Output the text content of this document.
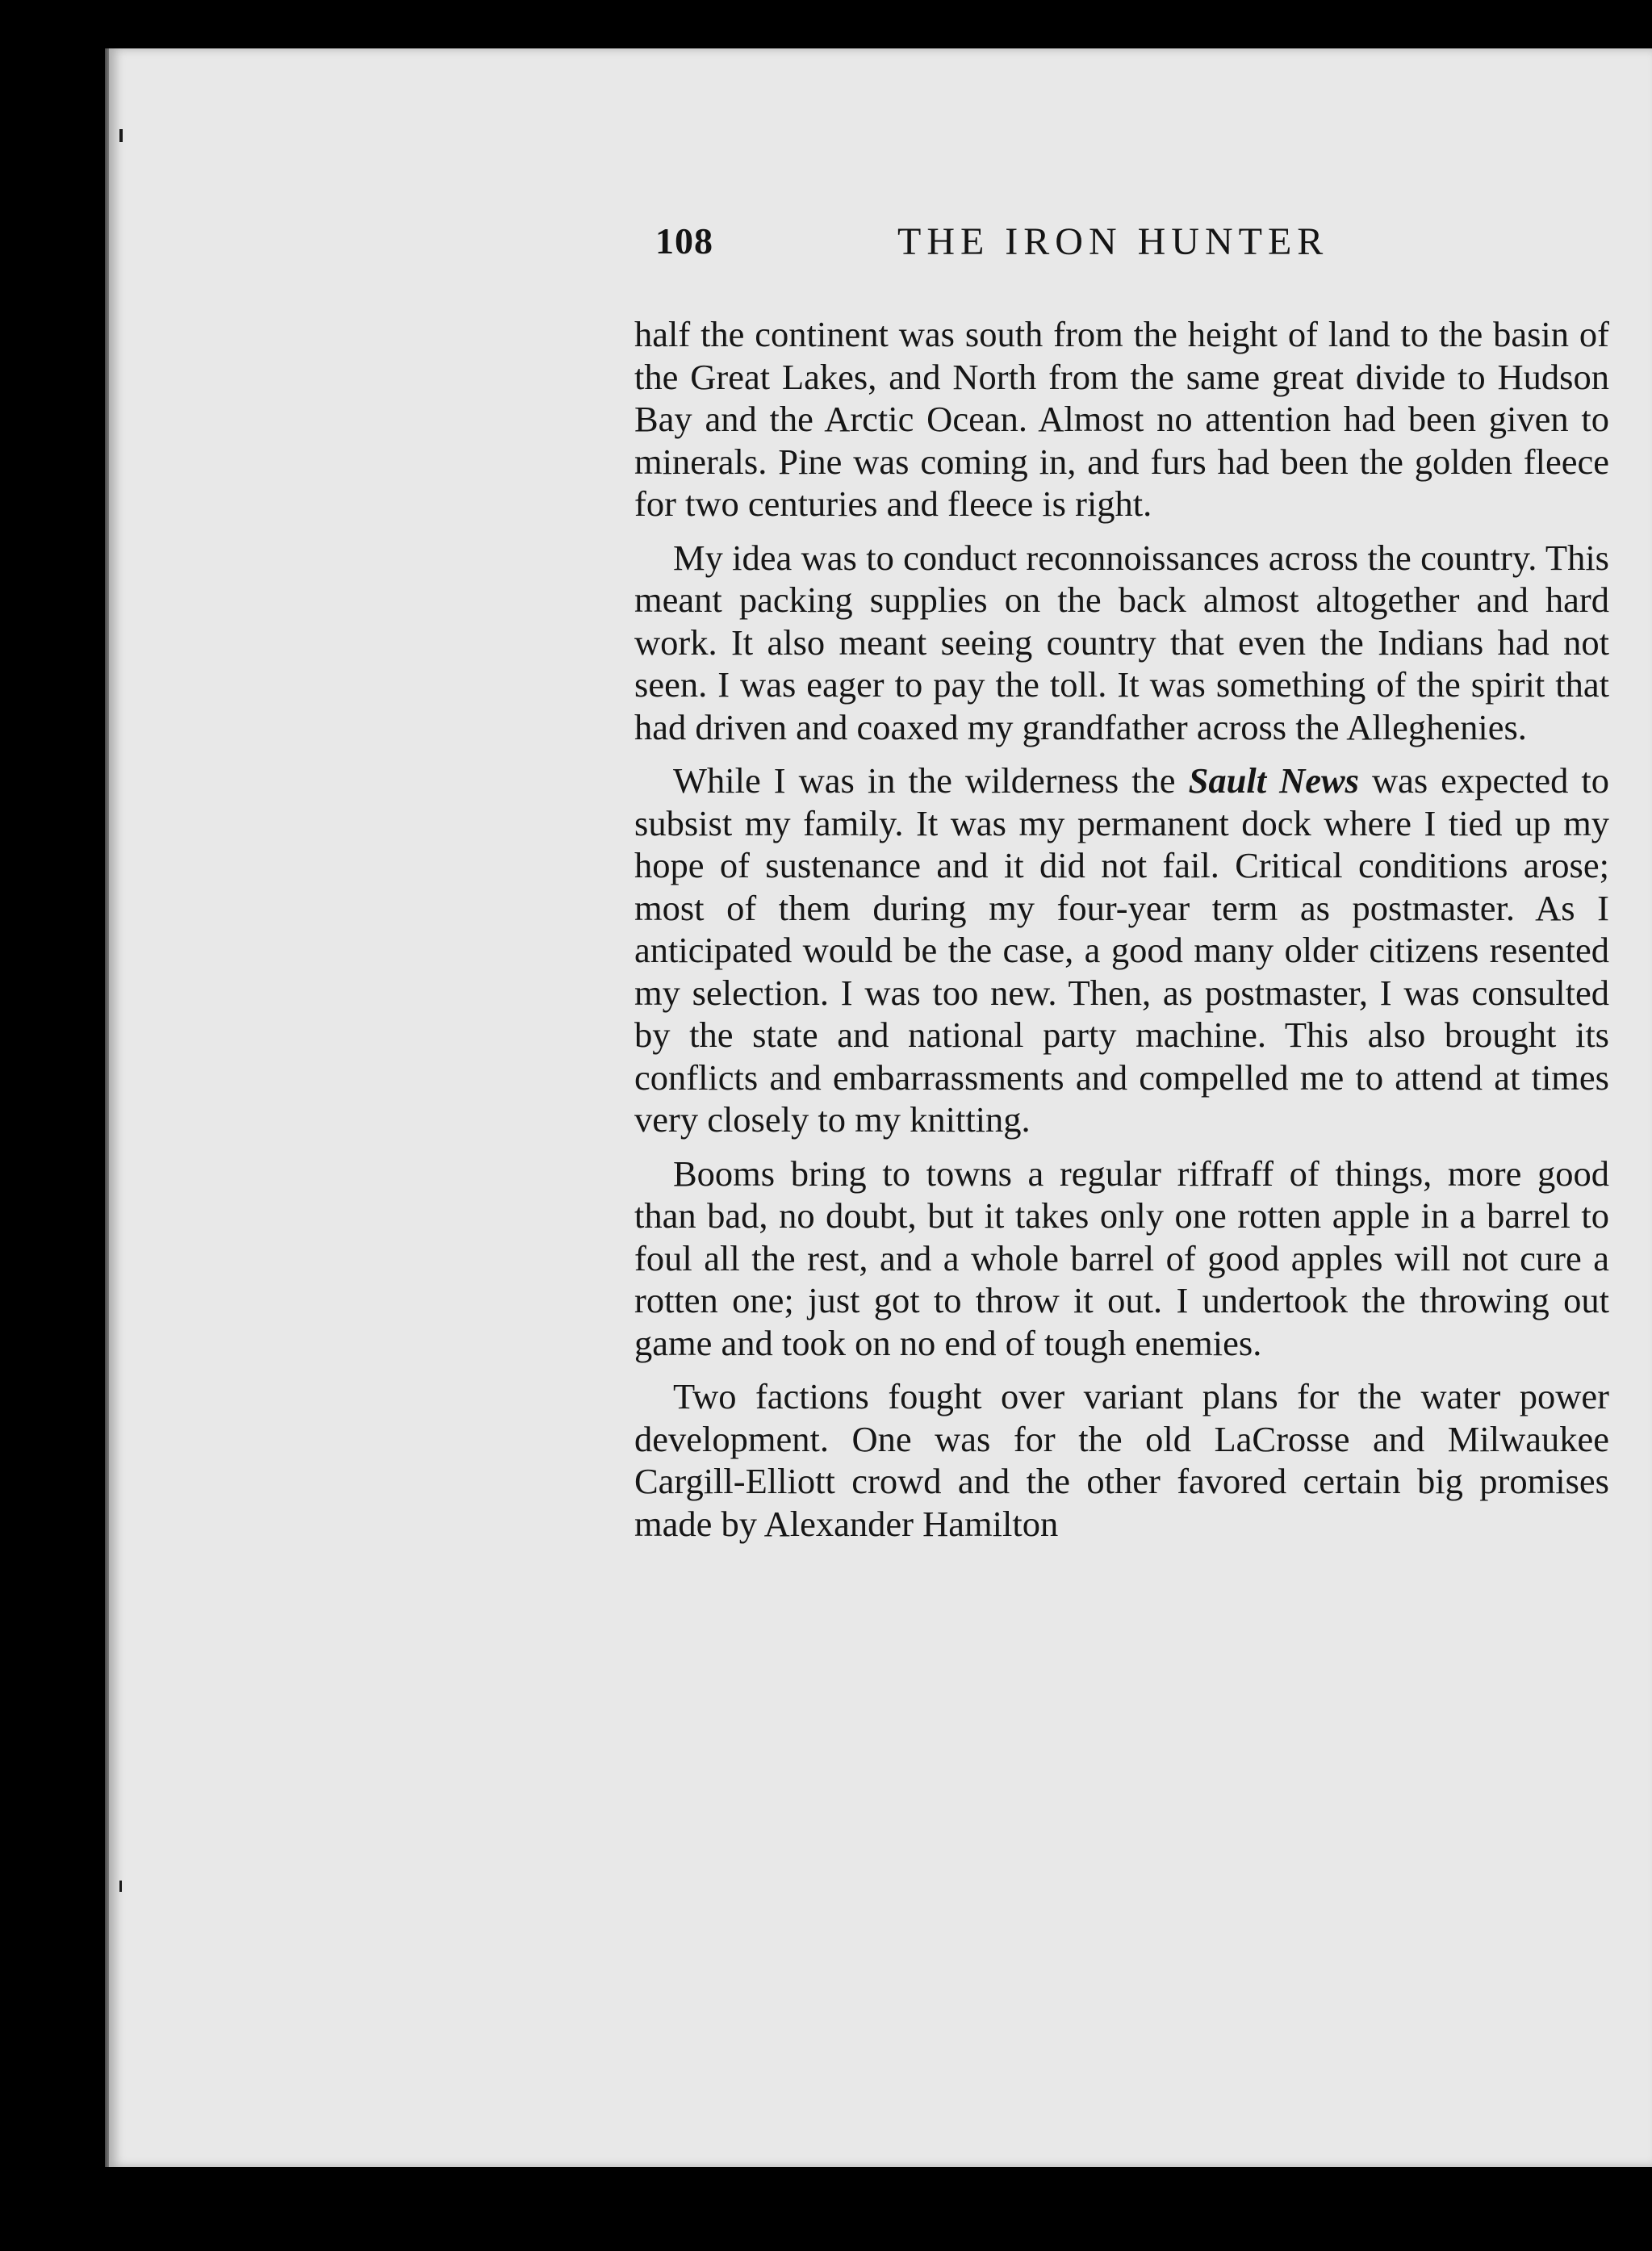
108	THE IRON HUNTER

half the continent was south from the height of land to the basin of the Great Lakes, and North from the same great divide to Hudson Bay and the Arctic Ocean. Almost no attention had been given to minerals. Pine was coming in, and furs had been the golden fleece for two centuries and fleece is right.

My idea was to conduct reconnoissances across the country. This meant packing supplies on the back almost altogether and hard work. It also meant seeing country that even the Indians had not seen. I was eager to pay the toll. It was something of the spirit that had driven and coaxed my grandfather across the Alleghenies.

While I was in the wilderness the Sault News was expected to subsist my family. It was my permanent dock where I tied up my hope of sustenance and it did not fail. Critical conditions arose; most of them during my four-year term as postmaster. As I anticipated would be the case, a good many older citizens resented my selection. I was too new. Then, as postmaster, I was consulted by the state and national party machine. This also brought its conflicts and embarrassments and compelled me to attend at times very closely to my knitting.

Booms bring to towns a regular riffraff of things, more good than bad, no doubt, but it takes only one rotten apple in a barrel to foul all the rest, and a whole barrel of good apples will not cure a rotten one; just got to throw it out. I undertook the throwing out game and took on no end of tough enemies.

Two factions fought over variant plans for the water power development. One was for the old LaCrosse and Milwaukee Cargill-Elliott crowd and the other favored certain big promises made by Alexander Hamilton
